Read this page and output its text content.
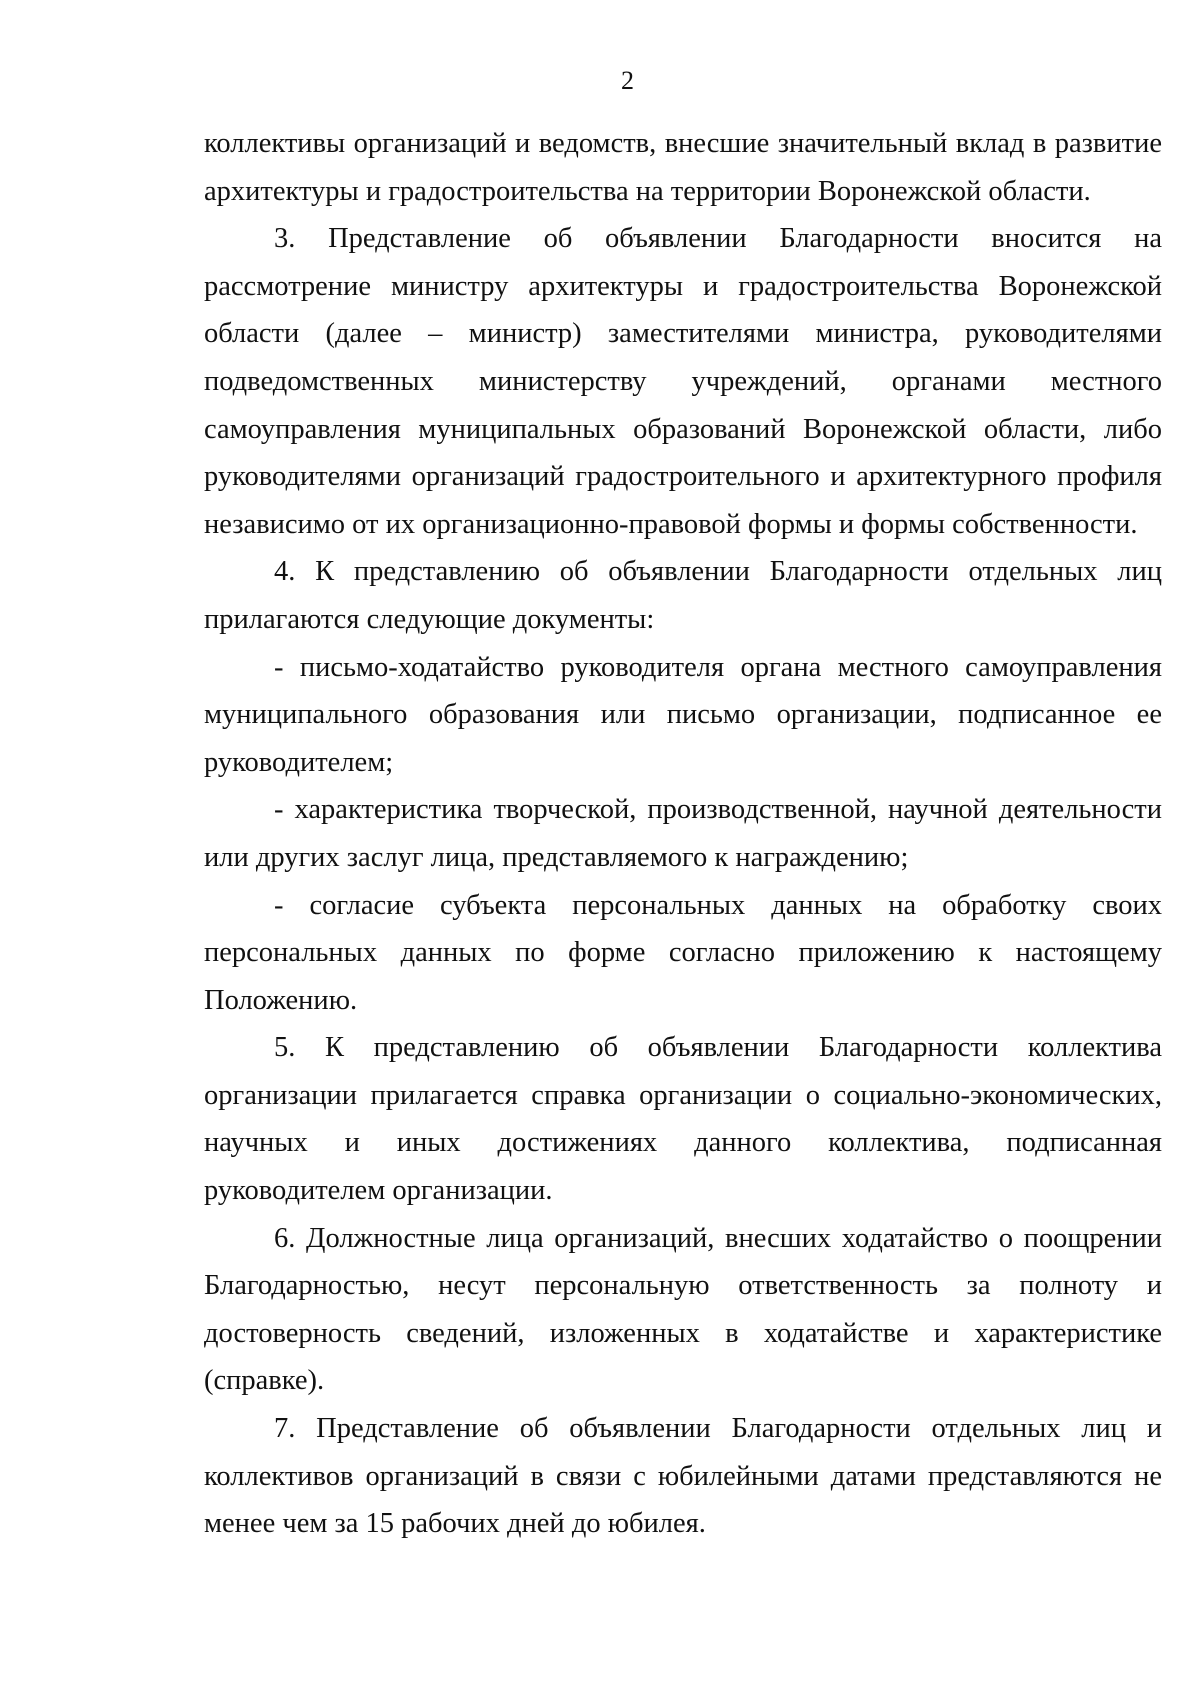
2

коллективы организаций и ведомств, внесшие значительный вклад в развитие архитектуры и градостроительства на территории Воронежской области.

3. Представление об объявлении Благодарности вносится на рассмотрение министру архитектуры и градостроительства Воронежской области (далее – министр) заместителями министра, руководителями подведомственных министерству учреждений, органами местного самоуправления муниципальных образований Воронежской области, либо руководителями организаций градостроительного и архитектурного профиля независимо от их организационно-правовой формы и формы собственности.

4. К представлению об объявлении Благодарности отдельных лиц прилагаются следующие документы:

- письмо-ходатайство руководителя органа местного самоуправления муниципального образования или письмо организации, подписанное ее руководителем;

- характеристика творческой, производственной, научной деятельности или других заслуг лица, представляемого к награждению;

- согласие субъекта персональных данных на обработку своих персональных данных по форме согласно приложению к настоящему Положению.

5. К представлению об объявлении Благодарности коллектива организации прилагается справка организации о социально-экономических, научных и иных достижениях данного коллектива, подписанная руководителем организации.

6. Должностные лица организаций, внесших ходатайство о поощрении Благодарностью, несут персональную ответственность за полноту и достоверность сведений, изложенных в ходатайстве и характеристике (справке).

7. Представление об объявлении Благодарности отдельных лиц и коллективов организаций в связи с юбилейными датами представляются не менее чем за 15 рабочих дней до юбилея.
